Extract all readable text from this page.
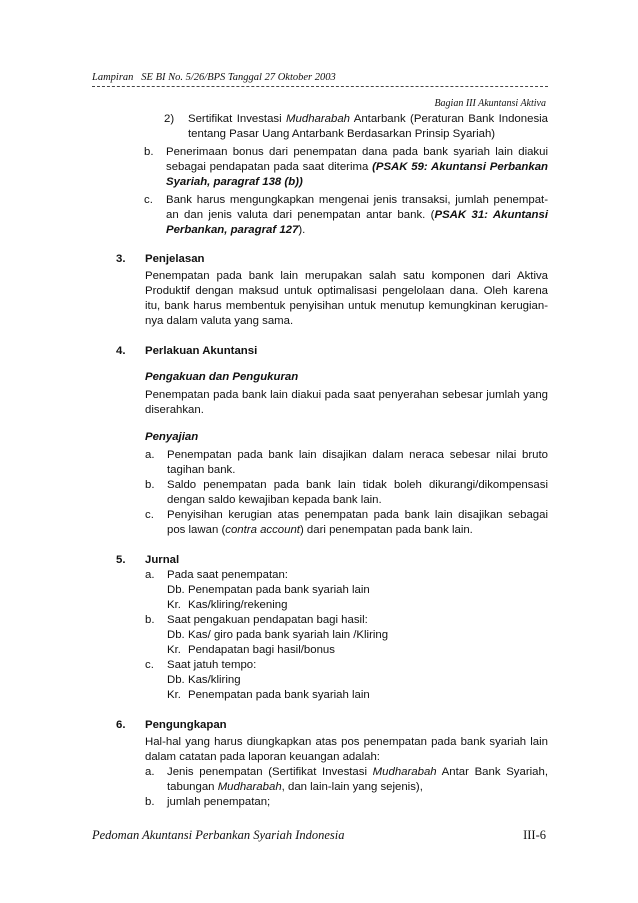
Lampiran   SE BI No. 5/26/BPS Tanggal 27 Oktober 2003
Bagian III Akuntansi Aktiva
2) Sertifikat Investasi Mudharabah Antarbank (Peraturan Bank Indonesia tentang Pasar Uang Antarbank Berdasarkan Prinsip Syariah)
b. Penerimaan bonus dari penempatan dana pada bank syariah lain diakui sebagai pendapatan pada saat diterima (PSAK 59: Akuntansi Perbankan Syariah, paragraf 138 (b))
c. Bank harus mengungkapkan mengenai jenis transaksi, jumlah penempat-an dan jenis valuta dari penempatan antar bank. (PSAK 31: Akuntansi Perbankan, paragraf 127).
3. Penjelasan
Penempatan pada bank lain merupakan salah satu komponen dari Aktiva Produktif dengan maksud untuk optimalisasi pengelolaan dana. Oleh karena itu, bank harus membentuk penyisihan untuk menutup kemungkinan kerugian-nya dalam valuta yang sama.
4. Perlakuan Akuntansi
Pengakuan dan Pengukuran
Penempatan pada bank lain diakui pada saat penyerahan sebesar jumlah yang diserahkan.
Penyajian
a. Penempatan pada bank lain disajikan dalam neraca sebesar nilai bruto tagihan bank.
b. Saldo penempatan pada bank lain tidak boleh dikurangi/dikompensasi dengan saldo kewajiban kepada bank lain.
c. Penyisihan kerugian atas penempatan pada bank lain disajikan sebagai pos lawan (contra account) dari penempatan pada bank lain.
5. Jurnal
a. Pada saat penempatan:
Db. Penempatan pada bank syariah lain
Kr. Kas/kliring/rekening
b. Saat pengakuan pendapatan bagi hasil:
Db. Kas/ giro pada bank syariah lain /Kliring
Kr. Pendapatan bagi hasil/bonus
c. Saat jatuh tempo:
Db. Kas/kliring
Kr. Penempatan pada bank syariah lain
6. Pengungkapan
Hal-hal yang harus diungkapkan atas pos penempatan pada bank syariah lain dalam catatan pada laporan keuangan adalah:
a. Jenis penempatan (Sertifikat Investasi Mudharabah Antar Bank Syariah, tabungan Mudharabah, dan lain-lain yang sejenis),
b. jumlah penempatan;
Pedoman Akuntansi Perbankan Syariah Indonesia	III-6
